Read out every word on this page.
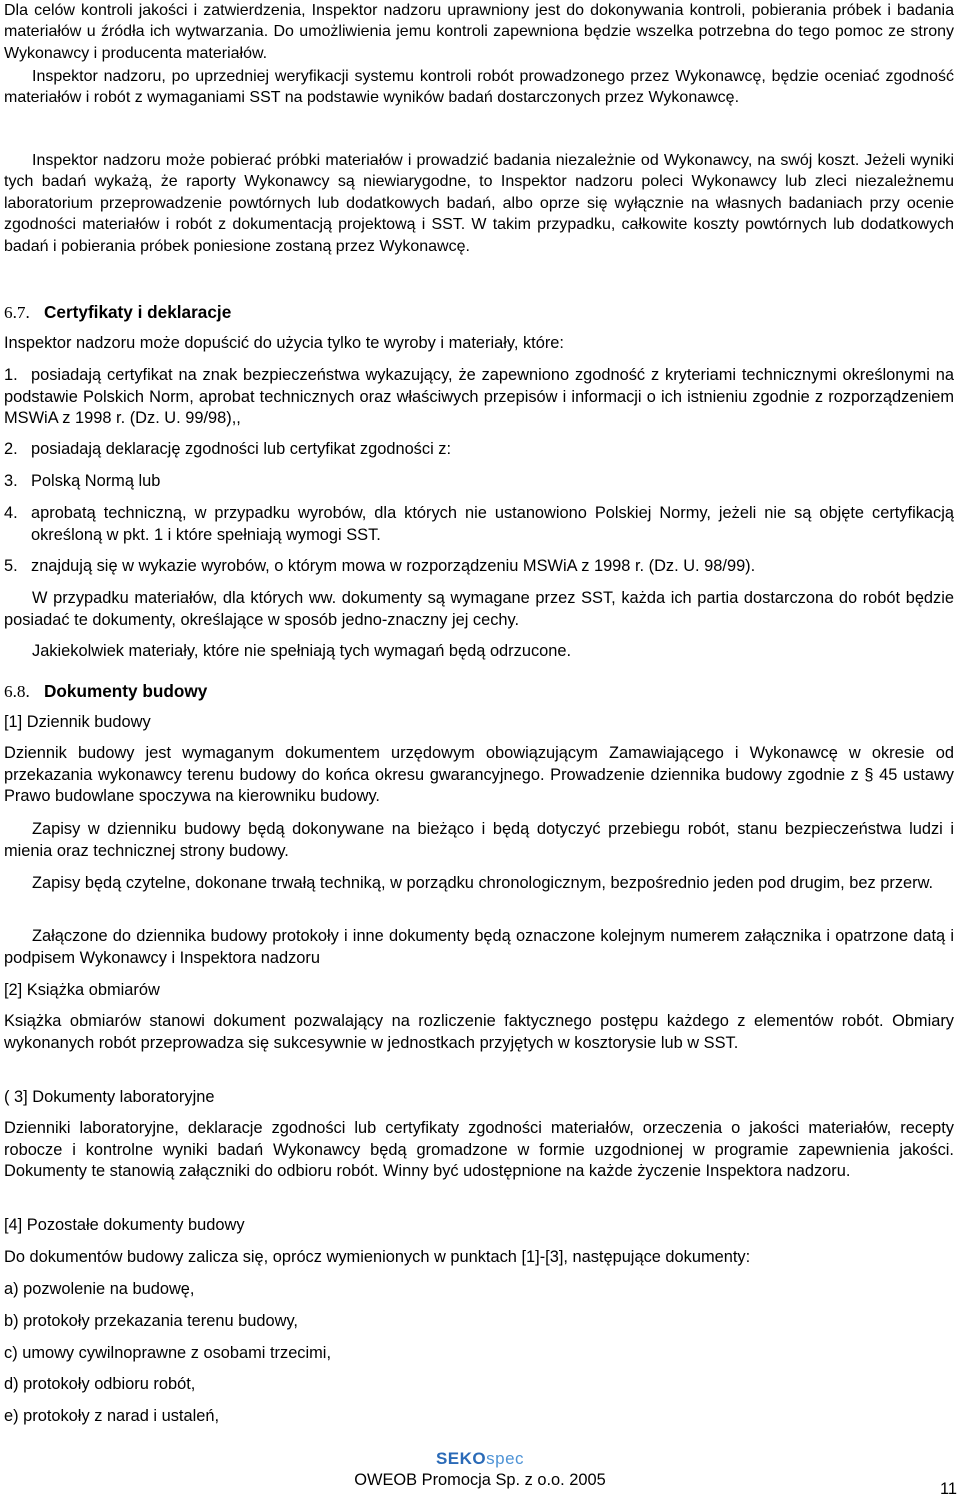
Dla celów kontroli jakości i zatwierdzenia, Inspektor nadzoru uprawniony jest do dokonywania kontroli, pobierania próbek i badania materiałów u źródła ich wytwarzania. Do umożliwienia jemu kontroli zapewniona będzie wszelka potrzebna do tego pomoc ze strony Wykonawcy i producenta materiałów.

Inspektor nadzoru, po uprzedniej weryfikacji systemu kontroli robót prowadzonego przez Wykonawcę, będzie oceniać zgodność materiałów i robót z wymaganiami SST na podstawie wyników badań dostarczonych przez Wykonawcę.

Inspektor nadzoru może pobierać próbki materiałów i prowadzić badania niezależnie od Wykonawcy, na swój koszt. Jeżeli wyniki tych badań wykażą, że raporty Wykonawcy są niewiarygodne, to Inspektor nadzoru poleci Wykonawcy lub zleci niezależnemu laboratorium przeprowadzenie powtórnych lub dodatkowych badań, albo oprze się wyłącznie na własnych badaniach przy ocenie zgodności materiałów i robót z dokumentacją projektową i SST. W takim przypadku, całkowite koszty powtórnych lub dodatkowych badań i pobierania próbek poniesione zostaną przez Wykonawcę.

6.7. Certyfikaty i deklaracje

Inspektor nadzoru może dopuścić do użycia tylko te wyroby i materiały, które:

1. posiadają certyfikat na znak bezpieczeństwa wykazujący, że zapewniono zgodność z kryteriami technicznymi określonymi na podstawie Polskich Norm, aprobat technicznych oraz właściwych przepisów i informacji o ich istnieniu zgodnie z rozporządzeniem MSWiA z 1998 r. (Dz. U. 99/98),,

2. posiadają deklarację zgodności lub certyfikat zgodności z:

3. Polską Normą lub

4. aprobatą techniczną, w przypadku wyrobów, dla których nie ustanowiono Polskiej Normy, jeżeli nie są objęte certyfikacją określoną w pkt. 1 i które spełniają wymogi SST.

5. znajdują się w wykazie wyrobów, o którym mowa w rozporządzeniu MSWiA z 1998 r. (Dz. U. 98/99).

W przypadku materiałów, dla których ww. dokumenty są wymagane przez SST, każda ich partia dostarczona do robót będzie posiadać te dokumenty, określające w sposób jedno-znaczny jej cechy.

Jakiekolwiek materiały, które nie spełniają tych wymagań będą odrzucone.

6.8. Dokumenty budowy

[1] Dziennik budowy

Dziennik budowy jest wymaganym dokumentem urzędowym obowiązującym Zamawiającego i Wykonawcę w okresie od przekazania wykonawcy terenu budowy do końca okresu gwarancyjnego. Prowadzenie dziennika budowy zgodnie z § 45 ustawy Prawo budowlane spoczywa na kierowniku budowy.

Zapisy w dzienniku budowy będą dokonywane na bieżąco i będą dotyczyć przebiegu robót, stanu bezpieczeństwa ludzi i mienia oraz technicznej strony budowy.

Zapisy będą czytelne, dokonane trwałą techniką, w porządku chronologicznym, bezpośrednio jeden pod drugim, bez przerw.

Załączone do dziennika budowy protokoły i inne dokumenty będą oznaczone kolejnym numerem załącznika i opatrzone datą i podpisem Wykonawcy i Inspektora nadzoru

[2] Książka obmiarów

Książka obmiarów stanowi dokument pozwalający na rozliczenie faktycznego postępu każdego z elementów robót. Obmiary wykonanych robót przeprowadza się sukcesywnie w jednostkach przyjętych w kosztorysie lub w SST.

( 3] Dokumenty laboratoryjne

Dzienniki laboratoryjne, deklaracje zgodności lub certyfikaty zgodności materiałów, orzeczenia o jakości materiałów, recepty robocze i kontrolne wyniki badań Wykonawcy będą gromadzone w formie uzgodnionej w programie zapewnienia jakości. Dokumenty te stanowią załączniki do odbioru robót. Winny być udostępnione na każde życzenie Inspektora nadzoru.

[4] Pozostałe dokumenty budowy

Do dokumentów budowy zalicza się, oprócz wymienionych w punktach [1]-[3], następujące dokumenty:

a) pozwolenie na budowę,

b) protokoły przekazania terenu budowy,

c) umowy cywilnoprawne z osobami trzecimi,

d) protokoły odbioru robót,

e) protokoły z narad i ustaleń,

SEKOspec
OWEOB Promocja Sp. z o.o. 2005	11
